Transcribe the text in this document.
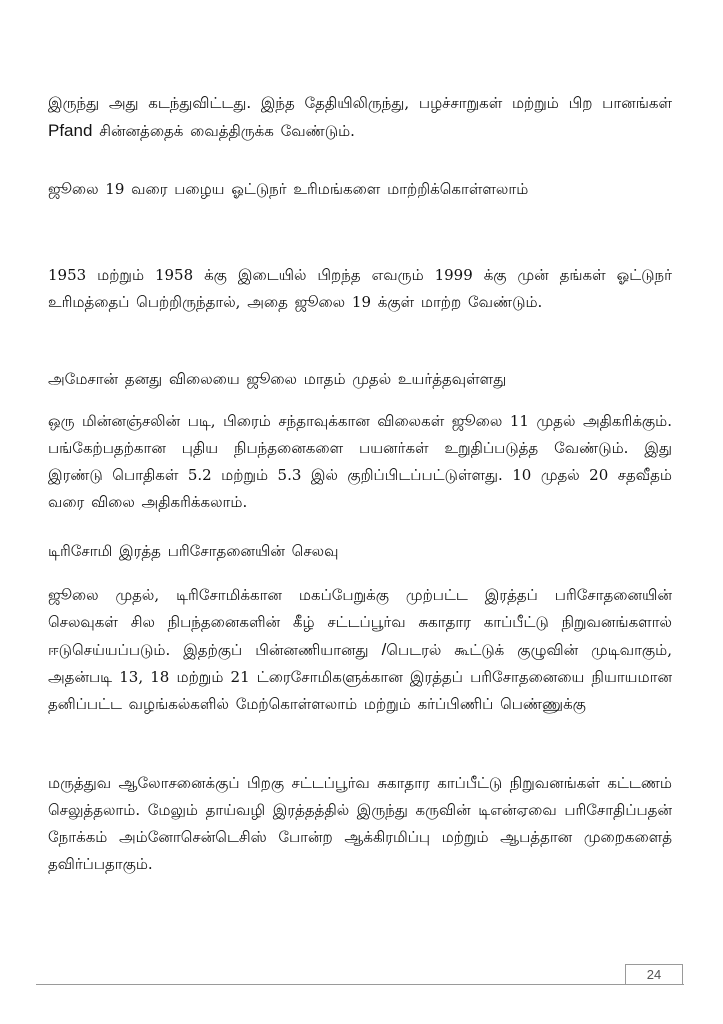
இருந்து அது கடந்துவிட்டது. இந்த தேதியிலிருந்து, பழச்சாறுகள் மற்றும் பிற பானங்கள் Pfand சின்னத்தைக் வைத்திருக்க வேண்டும்.

ஜூலை 19 வரை பழைய ஓட்டுநர் உரிமங்களை மாற்றிக்கொள்ளலாம்

1953 மற்றும் 1958 க்கு இடையில் பிறந்த எவரும் 1999 க்கு முன் தங்கள் ஓட்டுநர் உரிமத்தைப் பெற்றிருந்தால், அதை ஜூலை 19 க்குள் மாற்ற வேண்டும்.

அமேசான் தனது விலையை ஜூலை மாதம் முதல் உயர்த்தவுள்ளது

ஒரு மின்னஞ்சலின் படி, பிரைம் சந்தாவுக்கான விலைகள் ஜூலை 11 முதல் அதிகரிக்கும். பங்கேற்பதற்கான புதிய நிபந்தனைகளை பயனர்கள் உறுதிப்படுத்த வேண்டும். இது இரண்டு பொதிகள் 5.2 மற்றும் 5.3 இல் குறிப்பிடப்பட்டுள்ளது. 10 முதல் 20 சதவீதம் வரை விலை அதிகரிக்கலாம்.

டிரிசோமி இரத்த பரிசோதனையின் செலவு

ஜூலை முதல், டிரிசோமிக்கான மகப்பேறுக்கு முற்பட்ட இரத்தப் பரிசோதனையின் செலவுகள் சில நிபந்தனைகளின் கீழ் சட்டப்பூர்வ சுகாதார காப்பீட்டு நிறுவனங்களால் ஈடுசெய்யப்படும். இதற்குப் பின்னணியானது /பெடரல் கூட்டுக் குழுவின் முடிவாகும், அதன்படி 13, 18 மற்றும் 21 ட்ரைசோமிகளுக்கான இரத்தப் பரிசோதனையை நியாயமான தனிப்பட்ட வழங்கல்களில் மேற்கொள்ளலாம் மற்றும் கர்ப்பிணிப் பெண்ணுக்கு

மருத்துவ ஆலோசனைக்குப் பிறகு சட்டப்பூர்வ சுகாதார காப்பீட்டு நிறுவனங்கள் கட்டணம் செலுத்தலாம். மேலும் தாய்வழி இரத்தத்தில் இருந்து கருவின் டிஎன்ஏவை பரிசோதிப்பதன் நோக்கம் அம்னோசென்டெசிஸ் போன்ற ஆக்கிரமிப்பு மற்றும் ஆபத்தான முறைகளைத் தவிர்ப்பதாகும்.

24
